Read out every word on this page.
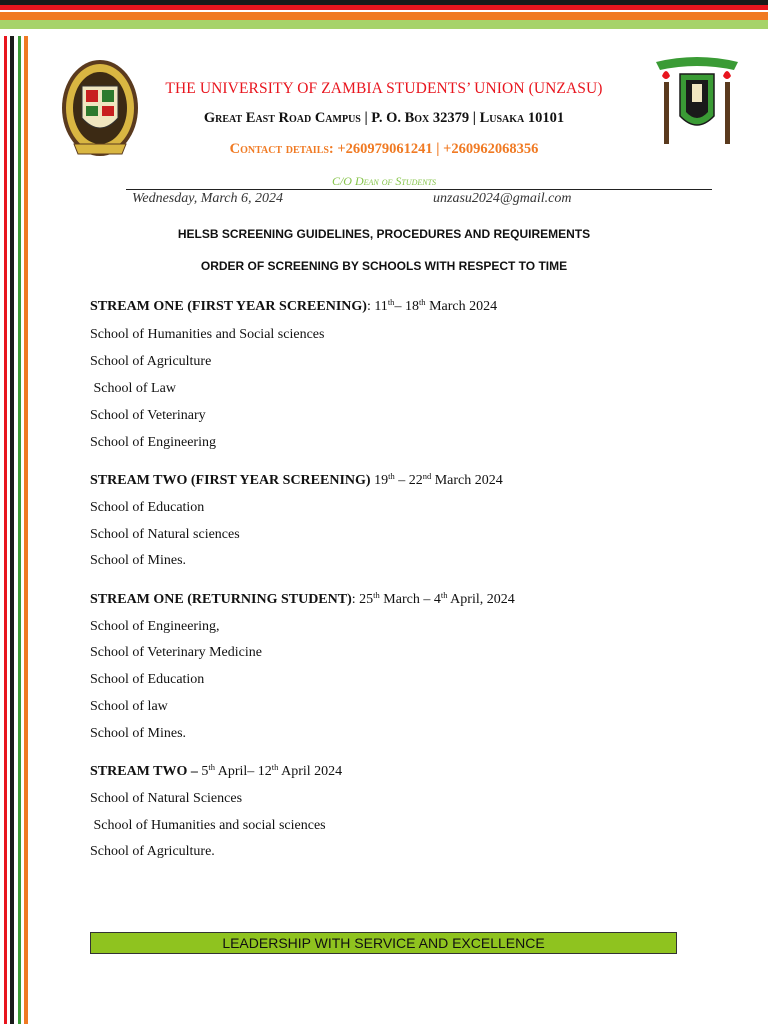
THE UNIVERSITY OF ZAMBIA STUDENTS’ UNION (UNZASU)
Great East Road Campus | P. O. Box 32379 | Lusaka 10101
Contact details: +260979061241 | +260962068356
C/O Dean of Students
Wednesday, March 6, 2024	unzasu2024@gmail.com
HELSB SCREENING GUIDELINES, PROCEDURES AND REQUIREMENTS
ORDER OF SCREENING BY SCHOOLS WITH RESPECT TO TIME
STREAM ONE (FIRST YEAR SCREENING): 11th– 18th March 2024
School of Humanities and Social sciences
School of Agriculture
School of Law
School of Veterinary
School of Engineering
STREAM TWO (FIRST YEAR SCREENING) 19th – 22nd March 2024
School of Education
School of Natural sciences
School of Mines.
STREAM ONE (RETURNING STUDENT): 25th March – 4th April, 2024
School of Engineering,
School of Veterinary Medicine
School of Education
School of law
School of Mines.
STREAM TWO – 5th April– 12th April 2024
School of Natural Sciences
School of Humanities and social sciences
School of Agriculture.
LEADERSHIP WITH SERVICE AND EXCELLENCE
